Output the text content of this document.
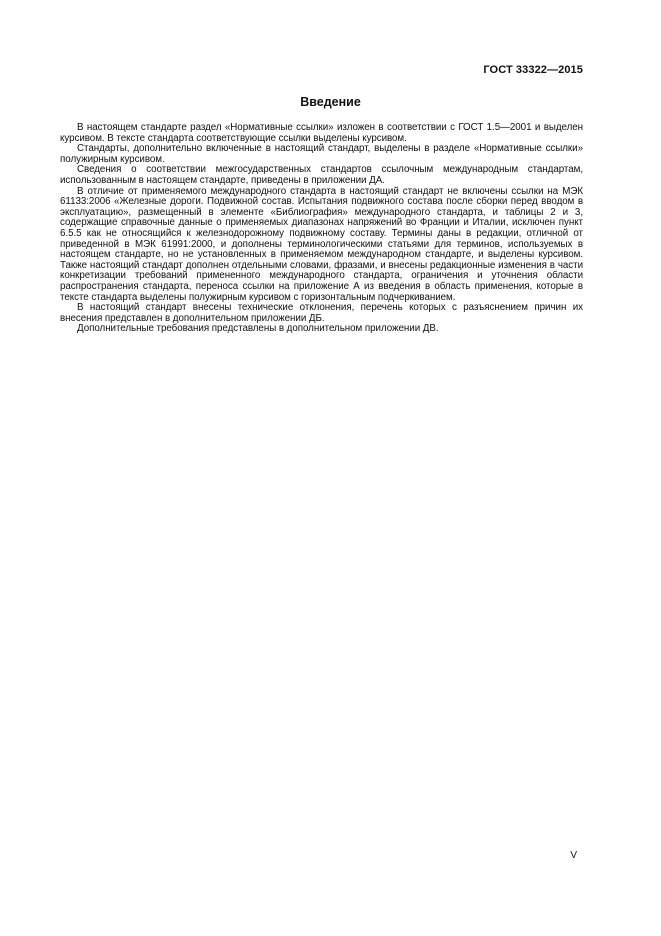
ГОСТ 33322—2015
Введение

В настоящем стандарте раздел «Нормативные ссылки» изложен в соответствии с ГОСТ 1.5—2001 и выделен курсивом. В тексте стандарта соответствующие ссылки выделены курсивом.

Стандарты, дополнительно включенные в настоящий стандарт, выделены в разделе «Нормативные ссылки» полужирным курсивом.

Сведения о соответствии межгосударственных стандартов ссылочным международным стандартам, использованным в настоящем стандарте, приведены в приложении ДА.

В отличие от применяемого международного стандарта в настоящий стандарт не включены ссылки на МЭК 61133:2006 «Железные дороги. Подвижной состав. Испытания подвижного состава после сборки перед вводом в эксплуатацию», размещенный в элементе «Библиография» международного стандарта, и таблицы 2 и 3, содержащие справочные данные о применяемых диапазонах напряжений во Франции и Италии, исключен пункт 6.5.5 как не относящийся к железнодорожному подвижному составу. Термины даны в редакции, отличной от приведенной в МЭК 61991:2000, и дополнены терминологическими статьями для терминов, используемых в настоящем стандарте, но не установленных в применяемом международном стандарте, и выделены курсивом. Также настоящий стандарт дополнен отдельными словами, фразами, и внесены редакционные изменения в части конкретизации требований примененного международного стандарта, ограничения и уточнения области распространения стандарта, переноса ссылки на приложение А из введения в область применения, которые в тексте стандарта выделены полужирным курсивом с горизонтальным подчеркиванием.

В настоящий стандарт внесены технические отклонения, перечень которых с разъяснением причин их внесения представлен в дополнительном приложении ДБ.

Дополнительные требования представлены в дополнительном приложении ДВ.

V
